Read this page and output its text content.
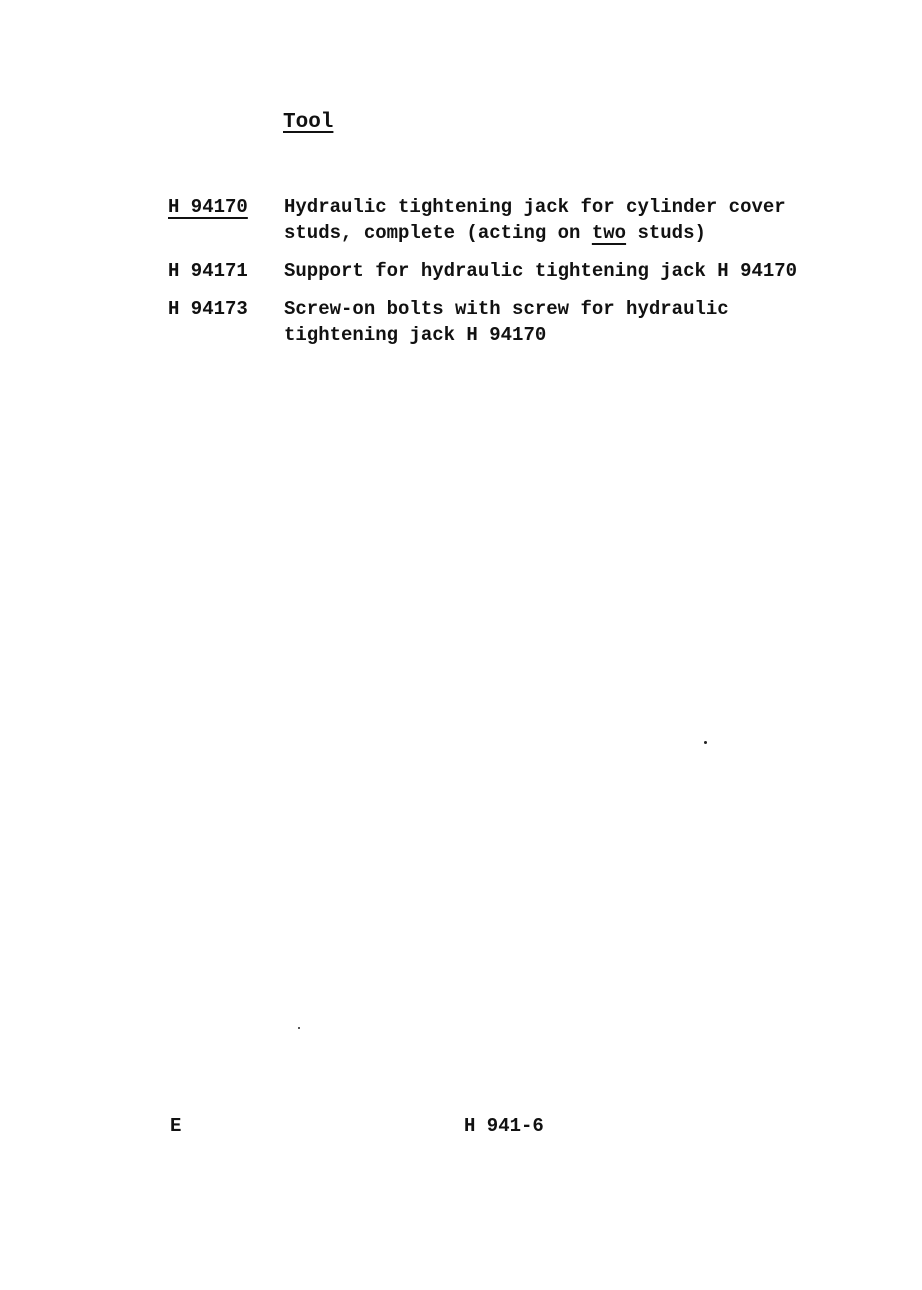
Tool
H 94170	Hydraulic tightening jack for cylinder cover
studs, complete (acting on two studs)
H 94171	Support for hydraulic tightening jack H 94170
H 94173	Screw-on bolts with screw for hydraulic
tightening jack H 94170
E	H 941-6
